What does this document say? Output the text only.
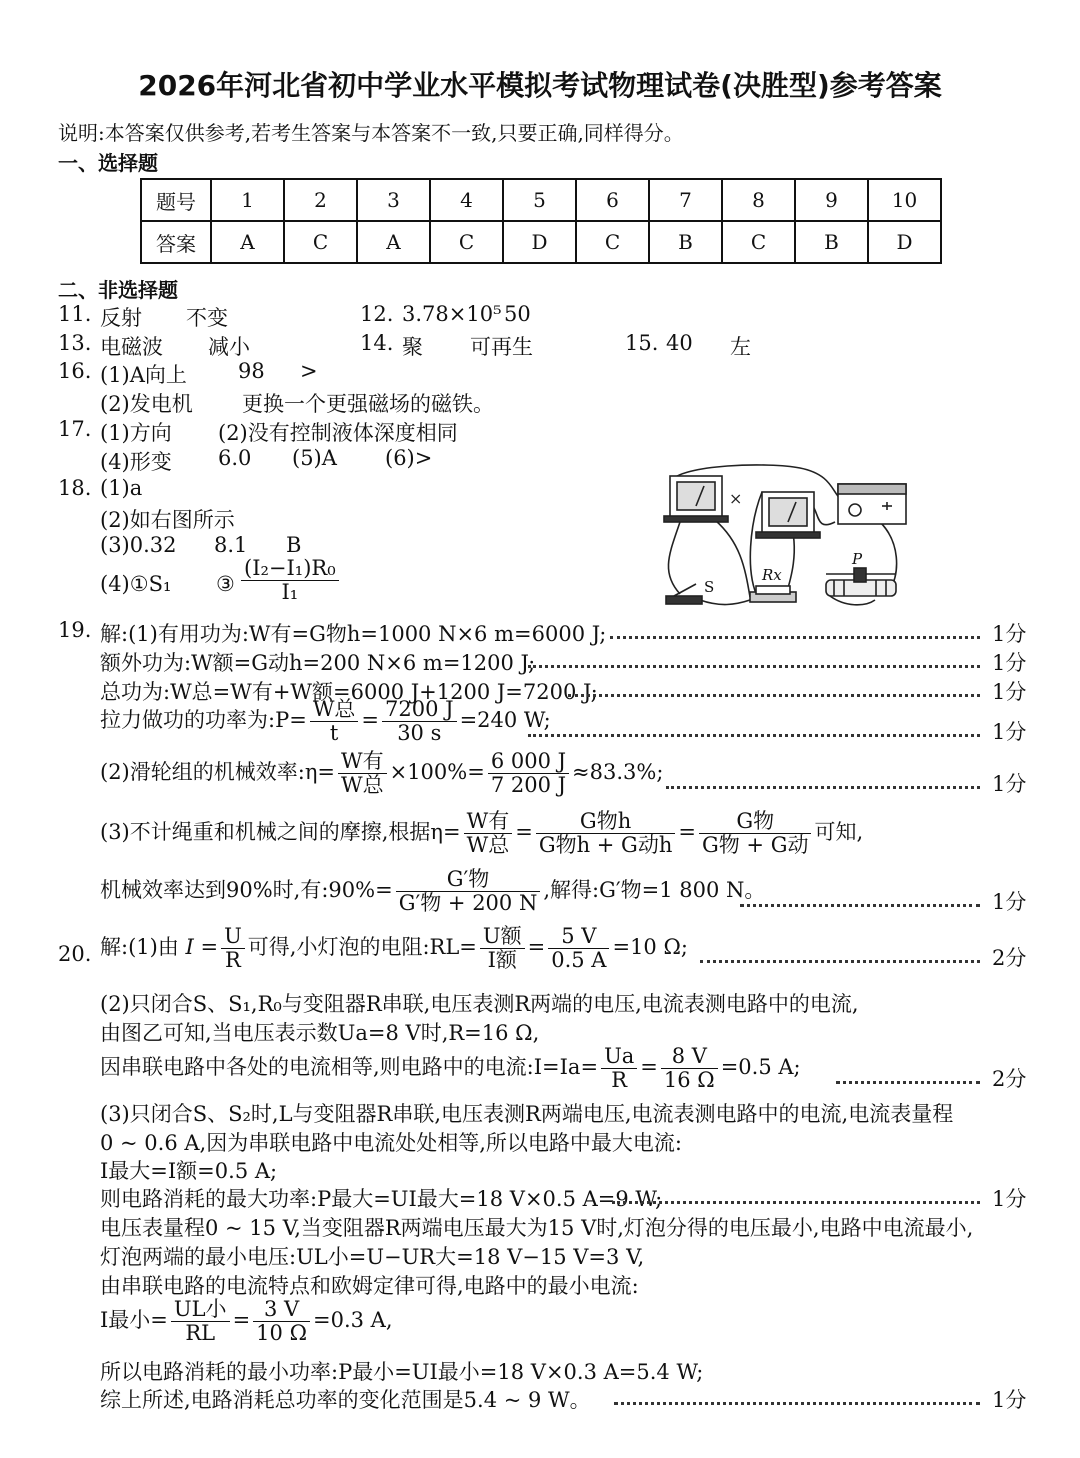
2026年河北省初中学业水平模拟考试物理试卷(决胜型)参考答案
说明:本答案仅供参考,若考生答案与本答案不一致,只要正确,同样得分。
一、选择题
题号	1	2	3	4	5	6	7	8	9	10
答案	A	C	A	C	D	C	B	C	B	D
二、非选择题
11. 反射 不变	12. 3.78×10⁵ 50
13. 电磁波 减小	14. 聚 可再生	15. 40 左
16. (1)A向上 98 >
(2)发电机 更换一个更强磁场的磁铁。
17. (1)方向 (2)没有控制液体深度相同
(4)形变 6.0 (5)A (6)>
18. (1)a
(2)如右图所示
(3)0.32 8.1 B
(4)①S₁ ③ $\frac{\text{(I₂−I₁)R₀}}{\text{I₁}}$
×
S
Rx
P
19. 解:(1)有用功为:W有=G物h=1000 N×6 m=6000 J;	1分
额外功为:W额=G动h=200 N×6 m=1200 J;	1分
总功为:W总=W有+W额=6000 J+1200 J=7200 J;	1分
拉力做功的功率为:P= $\frac{\text{W总}}{t} = \frac{7200 J}{30 s} =240$ W;	1分
(2)滑轮组的机械效率:η= $\frac{\text{W有}}{\text{W总}} \times 100\%= \frac{6 000 J}{7 200 J} \approx 83.3\%$;	1分
(3)不计绳重和机械之间的摩擦,根据$\eta= \frac{\text{W有}}{\text{W总}} = \frac{\text{G物h}}{\text{G物h + G动h}} = \frac{\text{G物}}{\text{G物 + G动}}$ 可知,
机械效率达到90%时,有:90%= $\frac{\text{G′物}}{\text{G′物 + 200 N}}$ ,解得:G′物=1 800 N。	1分
20. 解:(1)由 $I = \frac{U}{R}$ 可得,小灯泡的电阻:RL= $\frac{\text{U额}}{\text{I额}} = \frac{5 V}{0.5 A} =10$ Ω;	2分
(2)只闭合S、S₁,R₀与变阻器R串联,电压表测R两端的电压,电流表测电路中的电流,
由图乙可知,当电压表示数Ua=8 V时,R=16 Ω,
因串联电路中各处的电流相等,则电路中的电流:I=Ia= $\frac{Ua}{R} = \frac{8 V}{16 \Omega} =0.5$ A;	2分
(3)只闭合S、S₂时,L与变阻器R串联,电压表测R两端电压,电流表测电路中的电流,电流表量程
0 ~ 0.6 A,因为串联电路中电流处处相等,所以电路中最大电流:
I最大=I额=0.5 A;
则电路消耗的最大功率:P最大=UI最大=18 V×0.5 A=9 W;	1分
电压表量程0 ~ 15 V,当变阻器R两端电压最大为15 V时,灯泡分得的电压最小,电路中电流最小,
灯泡两端的最小电压:UL小=U−UR大=18 V−15 V=3 V,
由串联电路的电流特点和欧姆定律可得,电路中的最小电流:
I最小= $\frac{\text{UL小}}{RL} = \frac{3 V}{10 \Omega} =0.3$ A,
所以电路消耗的最小功率:P最小=UI最小=18 V×0.3 A=5.4 W;
综上所述,电路消耗总功率的变化范围是5.4 ~ 9 W。	1分
